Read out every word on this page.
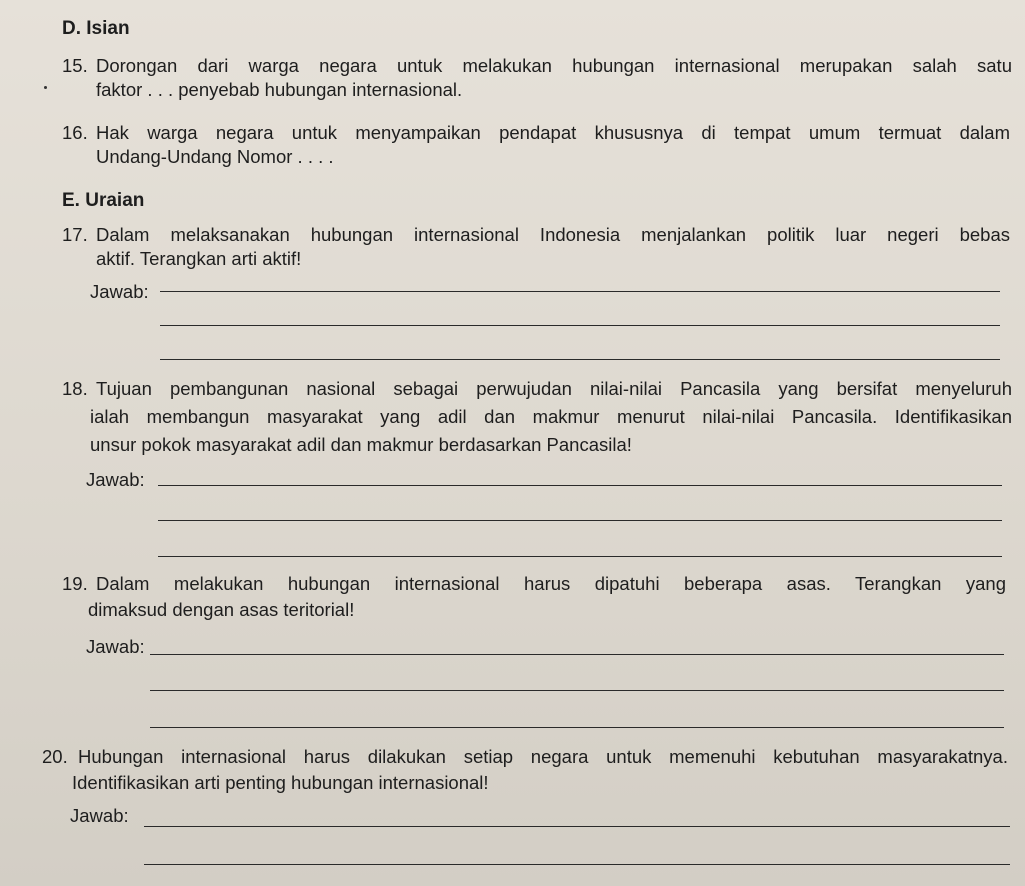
D. Isian
15. Dorongan dari warga negara untuk melakukan hubungan internasional merupakan salah satu
faktor . . . penyebab hubungan internasional.
16. Hak warga negara untuk menyampaikan pendapat khususnya di tempat umum termuat dalam
Undang-Undang Nomor . . . .
E. Uraian
17. Dalam melaksanakan hubungan internasional Indonesia menjalankan politik luar negeri bebas
aktif. Terangkan arti aktif!
Jawab:
18. Tujuan pembangunan nasional sebagai perwujudan nilai-nilai Pancasila yang bersifat menyeluruh
ialah membangun masyarakat yang adil dan makmur menurut nilai-nilai Pancasila. Identifikasikan
unsur pokok masyarakat adil dan makmur berdasarkan Pancasila!
Jawab:
19. Dalam melakukan hubungan internasional harus dipatuhi beberapa asas. Terangkan yang
dimaksud dengan asas teritorial!
Jawab:
20. Hubungan internasional harus dilakukan setiap negara untuk memenuhi kebutuhan masyarakatnya.
Identifikasikan arti penting hubungan internasional!
Jawab:
